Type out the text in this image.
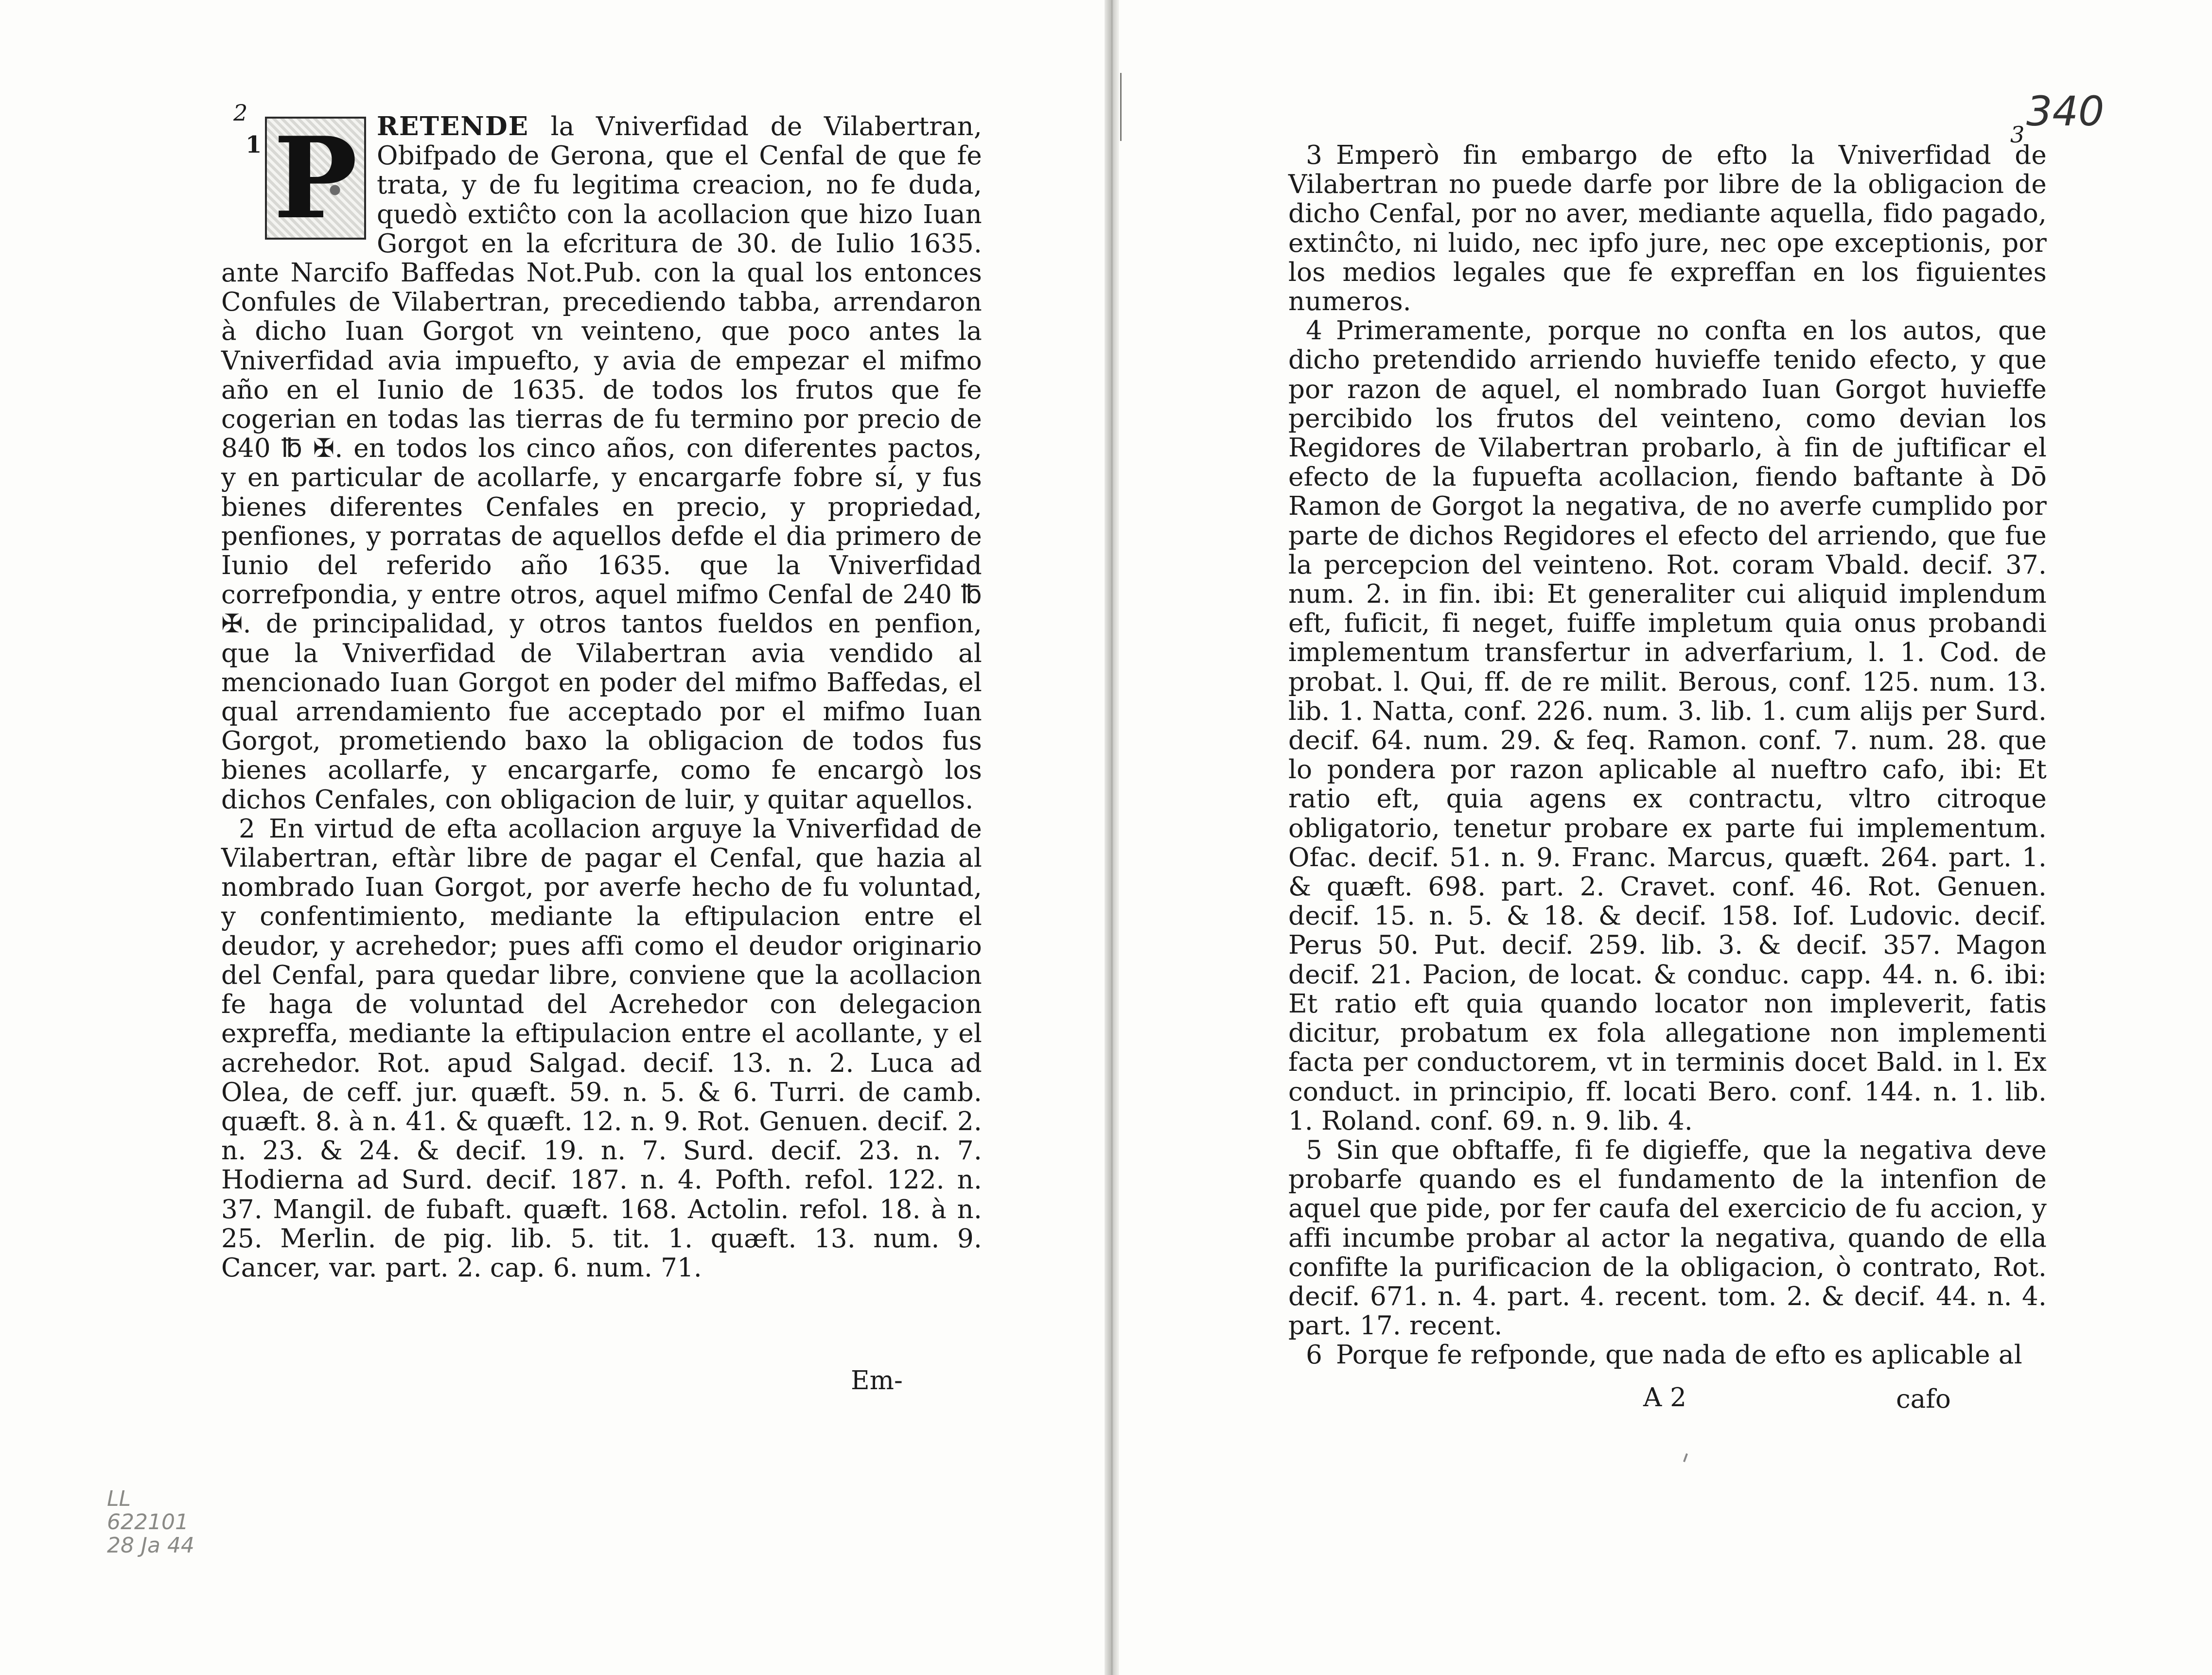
2 P RETENDE la Vniverfidad de Vilabertran, Obifpado de Gerona, que el Cenfal de que fe trata, y de fu legitima creacion, no fe duda, quedò extiĉto con la acollacion que hizo Iuan Gorgot en la efcritura de 30. de Iulio 1635. ante Narcifo Baffedas Not.Pub. con la qual los entonces Confules de Vilabertran, precediendo tabba, arrendaron à dicho Iuan Gorgot vn veinteno, que poco antes la Vniverfidad avia impuefto, y avia de empezar el mifmo año en el Iunio de 1635. de todos los frutos que fe cogerian en todas las tierras de fu termino por precio de 840 ℔ ✠. en todos los cinco años, con diferentes pactos, y en particular de acollarfe, y encargarfe fobre sí, y fus bienes diferentes Cenfales en precio, y propriedad, penfiones, y porratas de aquellos defde el dia primero de Iunio del referido año 1635. que la Vniverfidad correfpondia, y entre otros, aquel mifmo Cenfal de 240 ℔ ✠. de principalidad, y otros tantos fueldos en penfion, que la Vniverfidad de Vilabertran avia vendido al mencionado Iuan Gorgot en poder del mifmo Baffedas, el qual arrendamiento fue acceptado por el mifmo Iuan Gorgot, prometiendo baxo la obligacion de todos fus bienes acollarfe, y encargarfe, como fe encargò los dichos Cenfales, con obligacion de luir, y quitar aquellos.

2 En virtud de efta acollacion arguye la Vniverfidad de Vilabertran, eftàr libre de pagar el Cenfal, que hazia al nombrado Iuan Gorgot, por averfe hecho de fu voluntad, y confentimiento, mediante la eftipulacion entre el deudor, y acrehedor; pues affi como el deudor originario del Cenfal, para quedar libre, conviene que la acollacion fe haga de voluntad del Acrehedor con delegacion expreffa, mediante la eftipulacion entre el acollante, y el acrehedor. Rot. apud Salgad. decif. 13. n. 2. Luca ad Olea, de ceff. jur. quæft. 59. n. 5. & 6. Turri. de camb. quæft. 8. à n. 41. & quæft. 12. n. 9. Rot. Genuen. decif. 2. n. 23. & 24. & decif. 19. n. 7. Surd. decif. 23. n. 7. Hodierna ad Surd. decif. 187. n. 4. Pofth. refol. 122. n. 37. Mangil. de fubaft. quæft. 168. Actolin. refol. 18. à n. 25. Merlin. de pig. lib. 5. tit. 1. quæft. 13. num. 9. Cancer, var. part. 2. cap. 6. num. 71.

1
Em-
LL
622101
28 Ja 44
340
3

3 Emperò fin embargo de efto la Vniverfidad de Vilabertran no puede darfe por libre de la obligacion de dicho Cenfal, por no aver, mediante aquella, fido pagado, extinĉto, ni luido, nec ipfo jure, nec ope exceptionis, por los medios legales que fe expreffan en los figuientes numeros.

4 Primeramente, porque no confta en los autos, que dicho pretendido arriendo huvieffe tenido efecto, y que por razon de aquel, el nombrado Iuan Gorgot huvieffe percibido los frutos del veinteno, como devian los Regidores de Vilabertran probarlo, à fin de juftificar el efecto de la fupuefta acollacion, fiendo baftante à Dō Ramon de Gorgot la negativa, de no averfe cumplido por parte de dichos Regidores el efecto del arriendo, que fue la percepcion del veinteno. Rot. coram Vbald. decif. 37. num. 2. in fin. ibi: Et generaliter cui aliquid implendum eft, fuficit, fi neget, fuiffe impletum quia onus probandi implementum transfertur in adverfarium, l. 1. Cod. de probat. l. Qui, ff. de re milit. Berous, conf. 125. num. 13. lib. 1. Natta, conf. 226. num. 3. lib. 1. cum alijs per Surd. decif. 64. num. 29. & feq. Ramon. conf. 7. num. 28. que lo pondera por razon aplicable al nueftro cafo, ibi: Et ratio eft, quia agens ex contractu, vltro citroque obligatorio, tenetur probare ex parte fui implementum. Ofac. decif. 51. n. 9. Franc. Marcus, quæft. 264. part. 1. & quæft. 698. part. 2. Cravet. conf. 46. Rot. Genuen. decif. 15. n. 5. & 18. & decif. 158. Iof. Ludovic. decif. Perus 50. Put. decif. 259. lib. 3. & decif. 357. Magon decif. 21. Pacion, de locat. & conduc. capp. 44. n. 6. ibi: Et ratio eft quia quando locator non impleverit, fatis dicitur, probatum ex fola allegatione non implementi facta per conductorem, vt in terminis docet Bald. in l. Ex conduct. in principio, ff. locati Bero. conf. 144. n. 1. lib. 1. Roland. conf. 69. n. 9. lib. 4.

5 Sin que obftaffe, fi fe digieffe, que la negativa deve probarfe quando es el fundamento de la intenfion de aquel que pide, por fer caufa del exercicio de fu accion, y affi incumbe probar al actor la negativa, quando de ella confifte la purificacion de la obligacion, ò contrato, Rot. decif. 671. n. 4. part. 4. recent. tom. 2. & decif. 44. n. 4. part. 17. recent.

6 Porque fe refponde, que nada de efto es aplicable al

A 2	cafo
